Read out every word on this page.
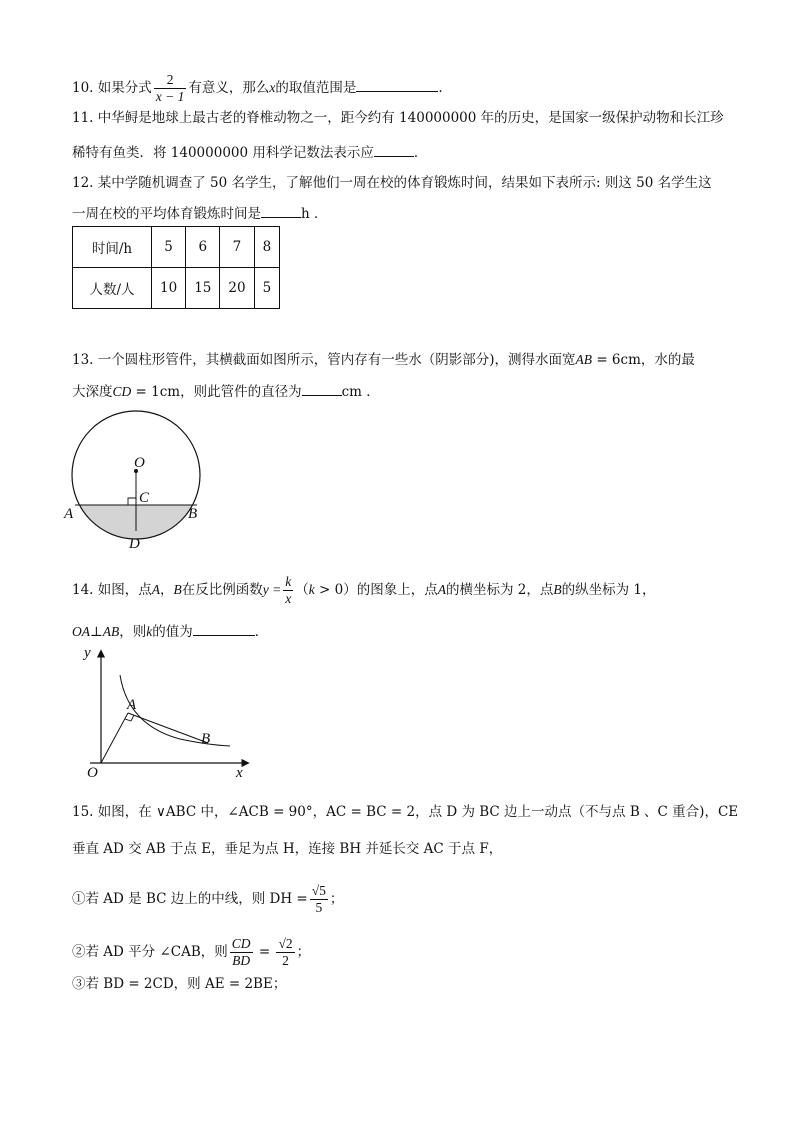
10. 如果分式 $\frac{2}{x - 1}$ 有意义，那么x的取值范围是	.
11. 中华鲟是地球上最古老的脊椎动物之一，距今约有 140000000 年的历史，是国家一级保护动物和长江珍
稀特有鱼类．将 140000000 用科学记数法表示应	．
12. 某中学随机调查了 50 名学生，了解他们一周在校的体育锻炼时间，结果如下表所示: 则这 50 名学生这
一周在校的平均体育锻炼时间是	h ．
时间/h	5	6	7	8
人数/人	10	15	20	5
13. 一个圆柱形管件，其横截面如图所示，管内存有一些水（阴影部分)，测得水面宽AB = 6cm，水的最
大深度CD = 1cm，则此管件的直径为	cm ．
O
C
A	B
D
14. 如图，点A，B在反比例函数$y = \frac{k}{x} (k > 0)$的图象上，点A的横坐标为 2，点B的纵坐标为 1，
OA⊥AB，则k的值为	．
y
x
O
A
B
15. 如图，在 ∨ABC 中，∠ACB = 90°，AC = BC = 2，点 D 为 BC 边上一动点（不与点 B 、C 重合)，CE
垂直 AD 交 AB 于点 E，垂足为点 H，连接 BH 并延长交 AC 于点 F，
①若 AD 是 BC 边上的中线，则 DH = $\frac{√5}{5}$ ；
②若 AD 平分 ∠CAB，则 $\frac{CD}{BD} = \frac{√2}{2}$ ；
③若 BD = 2CD，则 AE = 2BE；
